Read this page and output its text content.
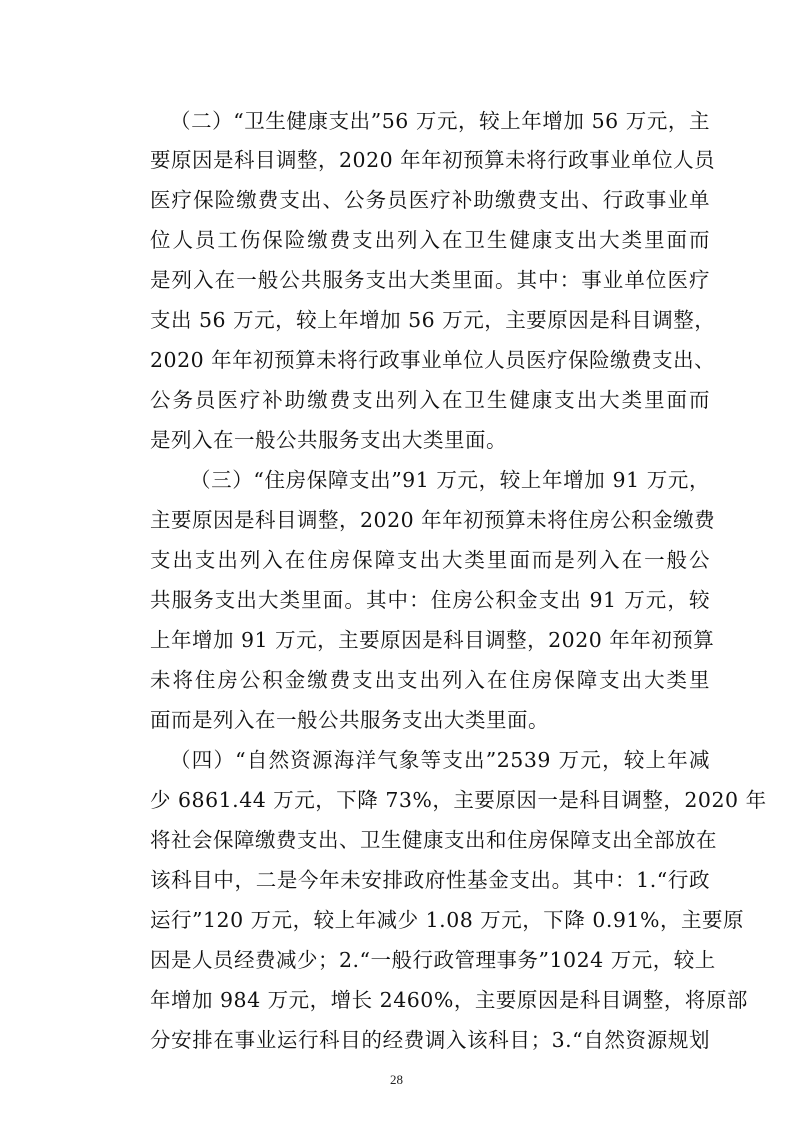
（二）“卫生健康支出”56 万元，较上年增加 56 万元，主
要原因是科目调整，2020 年年初预算未将行政事业单位人员
医疗保险缴费支出、公务员医疗补助缴费支出、行政事业单
位人员工伤保险缴费支出列入在卫生健康支出大类里面而
是列入在一般公共服务支出大类里面。其中：事业单位医疗
支出 56 万元，较上年增加 56 万元，主要原因是科目调整，
2020 年年初预算未将行政事业单位人员医疗保险缴费支出、
公务员医疗补助缴费支出列入在卫生健康支出大类里面而
是列入在一般公共服务支出大类里面。
（三）“住房保障支出”91 万元，较上年增加 91 万元，
主要原因是科目调整，2020 年年初预算未将住房公积金缴费
支出支出列入在住房保障支出大类里面而是列入在一般公
共服务支出大类里面。其中：住房公积金支出 91 万元，较
上年增加 91 万元，主要原因是科目调整，2020 年年初预算
未将住房公积金缴费支出支出列入在住房保障支出大类里
面而是列入在一般公共服务支出大类里面。
（四）“自然资源海洋气象等支出”2539 万元，较上年减
少 6861.44 万元，下降 73%，主要原因一是科目调整，2020 年
将社会保障缴费支出、卫生健康支出和住房保障支出全部放在
该科目中，二是今年未安排政府性基金支出。其中：1.“行政
运行”120 万元，较上年减少 1.08 万元，下降 0.91%，主要原
因是人员经费减少；2.“一般行政管理事务”1024 万元，较上
年增加 984 万元，增长 2460%，主要原因是科目调整，将原部
分安排在事业运行科目的经费调入该科目；3.“自然资源规划
28
